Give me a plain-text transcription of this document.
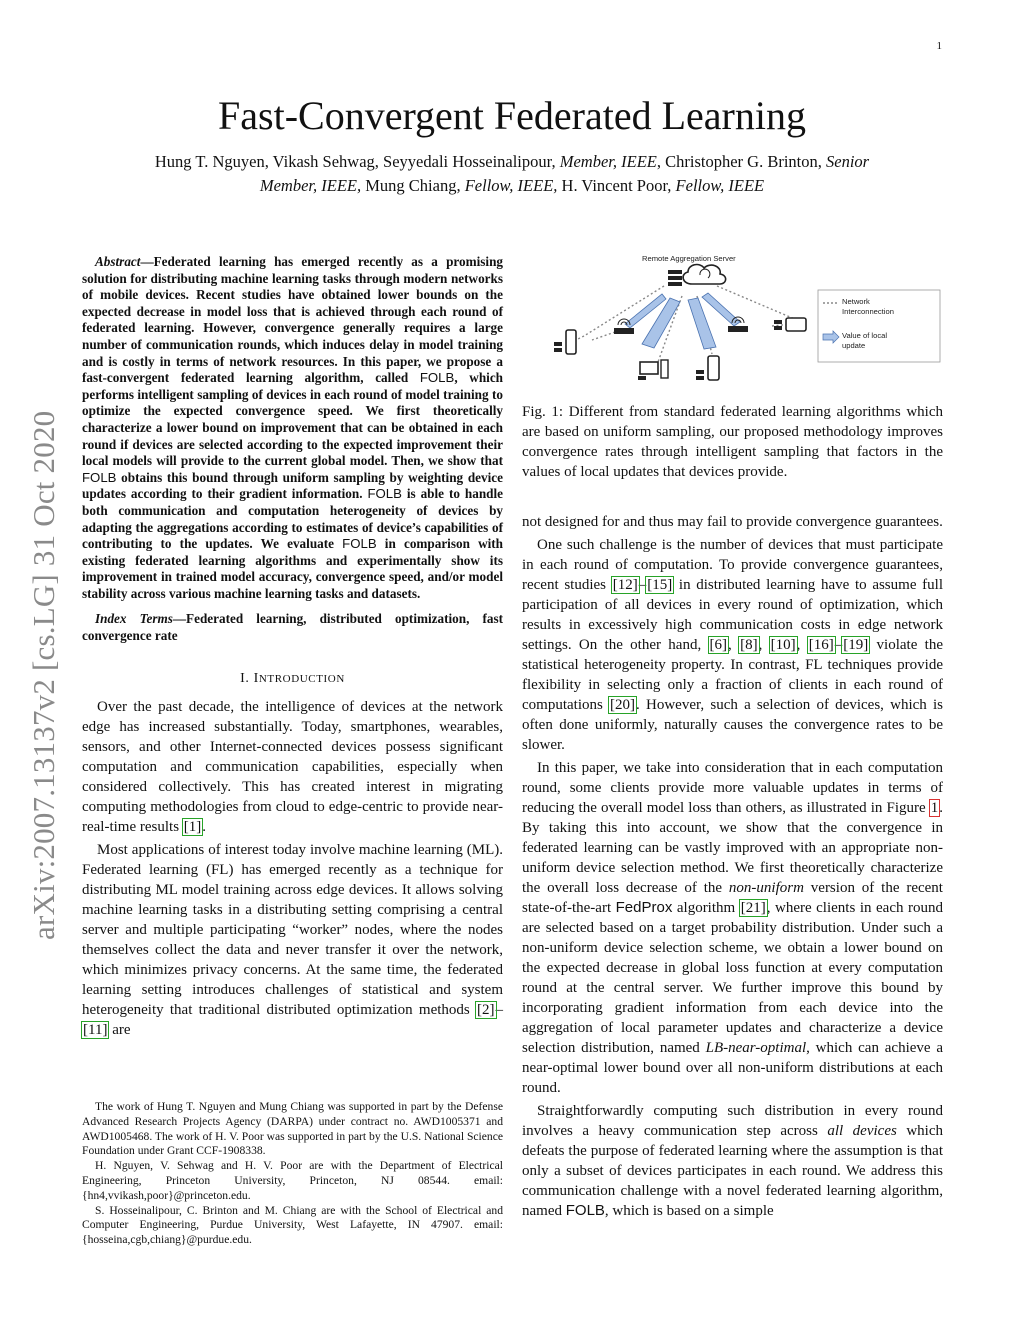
1
arXiv:2007.13137v2 [cs.LG] 31 Oct 2020
Fast-Convergent Federated Learning
Hung T. Nguyen, Vikash Sehwag, Seyyedali Hosseinalipour, Member, IEEE, Christopher G. Brinton, Senior
Member, IEEE, Mung Chiang, Fellow, IEEE, H. Vincent Poor, Fellow, IEEE

Abstract—Federated learning has emerged recently as a promising solution for distributing machine learning tasks through modern networks of mobile devices. Recent studies have obtained lower bounds on the expected decrease in model loss that is achieved through each round of federated learning. However, convergence generally requires a large number of communication rounds, which induces delay in model training and is costly in terms of network resources. In this paper, we propose a fast-convergent federated learning algorithm, called FOLB, which performs intelligent sampling of devices in each round of model training to optimize the expected convergence speed. We first theoretically characterize a lower bound on improvement that can be obtained in each round if devices are selected according to the expected improvement their local models will provide to the current global model. Then, we show that FOLB obtains this bound through uniform sampling by weighting device updates according to their gradient information. FOLB is able to handle both communication and computation heterogeneity of devices by adapting the aggregations according to estimates of device’s capabilities of contributing to the updates. We evaluate FOLB in comparison with existing federated learning algorithms and experimentally show its improvement in trained model accuracy, convergence speed, and/or model stability across various machine learning tasks and datasets.

Index Terms—Federated learning, distributed optimization, fast convergence rate

I. INTRODUCTION

Over the past decade, the intelligence of devices at the network edge has increased substantially. Today, smartphones, wearables, sensors, and other Internet-connected devices possess significant computation and communication capabilities, especially when considered collectively. This has created interest in migrating computing methodologies from cloud to edge-centric to provide near-real-time results [1].

Most applications of interest today involve machine learning (ML). Federated learning (FL) has emerged recently as a technique for distributing ML model training across edge devices. It allows solving machine learning tasks in a distributing setting comprising a central server and multiple participating “worker” nodes, where the nodes themselves collect the data and never transfer it over the network, which minimizes privacy concerns. At the same time, the federated learning setting introduces challenges of statistical and system heterogeneity that traditional distributed optimization methods [2]–[11] are

The work of Hung T. Nguyen and Mung Chiang was supported in part by the Defense Advanced Research Projects Agency (DARPA) under contract no. AWD1005371 and AWD1005468. The work of H. V. Poor was supported in part by the U.S. National Science Foundation under Grant CCF-1908338.

H. Nguyen, V. Sehwag and H. V. Poor are with the Department of Electrical Engineering, Princeton University, Princeton, NJ 08544. email: {hn4,vvikash,poor}@princeton.edu.

S. Hosseinalipour, C. Brinton and M. Chiang are with the School of Electrical and Computer Engineering, Purdue University, West Lafayette, IN 47907. email: {hosseina,cgb,chiang}@purdue.edu.

Remote Aggregation Server
Network
Interconnection
Value of local
update

Fig. 1: Different from standard federated learning algorithms which are based on uniform sampling, our proposed methodology improves convergence rates through intelligent sampling that factors in the values of local updates that devices provide.

not designed for and thus may fail to provide convergence guarantees.

One such challenge is the number of devices that must participate in each round of computation. To provide convergence guarantees, recent studies [12]–[15] in distributed learning have to assume full participation of all devices in every round of optimization, which results in excessively high communication costs in edge network settings. On the other hand, [6], [8], [10], [16]–[19] violate the statistical heterogeneity property. In contrast, FL techniques provide flexibility in selecting only a fraction of clients in each round of computations [20]. However, such a selection of devices, which is often done uniformly, naturally causes the convergence rates to be slower.

In this paper, we take into consideration that in each computation round, some clients provide more valuable updates in terms of reducing the overall model loss than others, as illustrated in Figure 1. By taking this into account, we show that the convergence in federated learning can be vastly improved with an appropriate non-uniform device selection method. We first theoretically characterize the overall loss decrease of the non-uniform version of the recent state-of-the-art FedProx algorithm [21], where clients in each round are selected based on a target probability distribution. Under such a non-uniform device selection scheme, we obtain a lower bound on the expected decrease in global loss function at every computation round at the central server. We further improve this bound by incorporating gradient information from each device into the aggregation of local parameter updates and characterize a device selection distribution, named LB-near-optimal, which can achieve a near-optimal lower bound over all non-uniform distributions at each round.

Straightforwardly computing such distribution in every round involves a heavy communication step across all devices which defeats the purpose of federated learning where the assumption is that only a subset of devices participates in each round. We address this communication challenge with a novel federated learning algorithm, named FOLB, which is based on a simple
